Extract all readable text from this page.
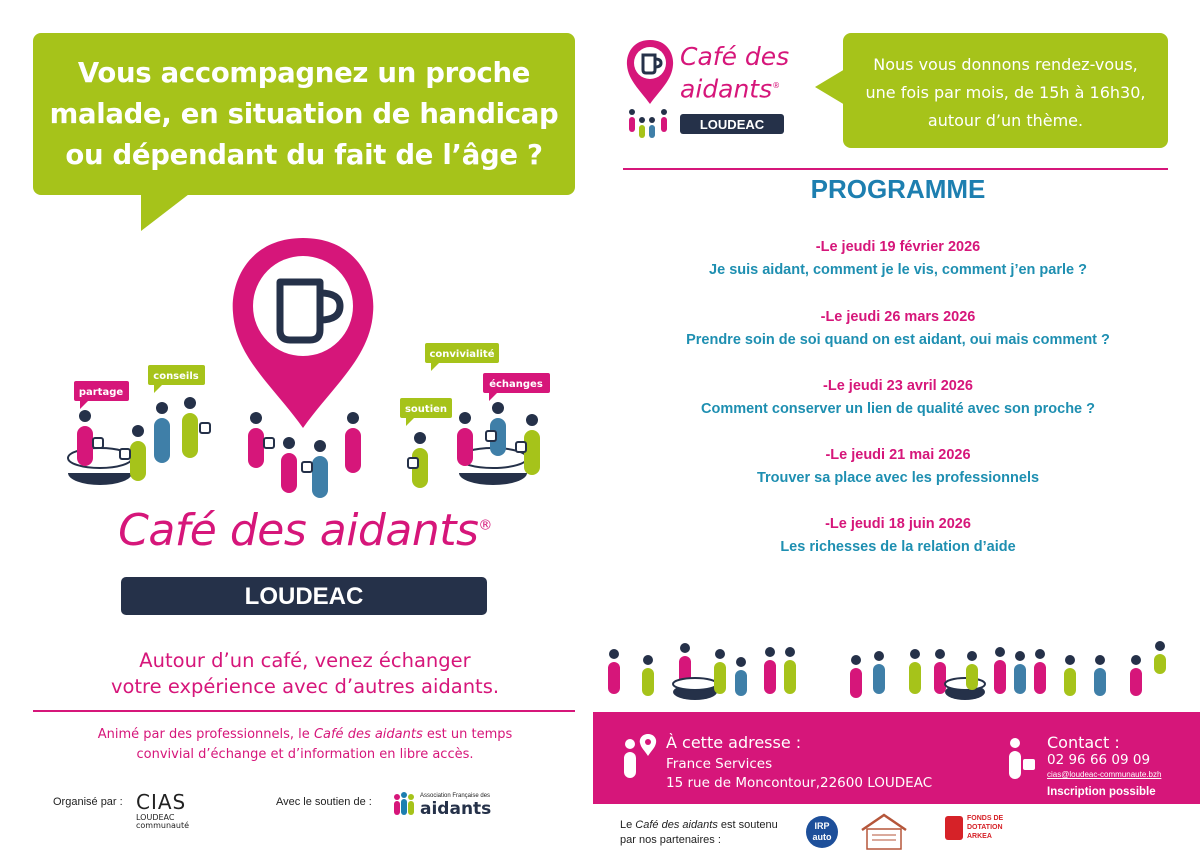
Vous accompagnez un proche
malade, en situation de handicap
ou dépendant du fait de l’âge ?
partage
conseils
convivialité
échanges
soutien
Café des aidants®
LOUDEAC
Autour d’un café, venez échanger
votre expérience avec d’autres aidants.
Animé par des professionnels, le Café des aidants est un temps
convivial d’échange et d’information en libre accès.
Organisé par : CIAS
LOUDEAC
communauté
Avec le soutien de :	Association Française des
aidants
Café des
aidants®
LOUDEAC
Nous vous donnons rendez-vous,
une fois par mois, de 15h à 16h30,
autour d’un thème.
PROGRAMME
-Le jeudi 19 février 2026
Je suis aidant, comment je le vis, comment j’en parle ?
-Le jeudi 26 mars 2026
Prendre soin de soi quand on est aidant, oui mais comment ?
-Le jeudi 23 avril 2026
Comment conserver un lien de qualité avec son proche ?
-Le jeudi 21 mai 2026
Trouver sa place avec les professionnels
-Le jeudi 18 juin 2026
Les richesses de la relation d’aide
À cette adresse :
France Services
15 rue de Moncontour,22600 LOUDEAC
Contact :
02 96 66 09 09
cias@loudeac-communaute.bzh
Inscription possible
Le Café des aidants est soutenu
par nos partenaires :
IRP
auto
FONDS DE
DOTATION
ARKEA
